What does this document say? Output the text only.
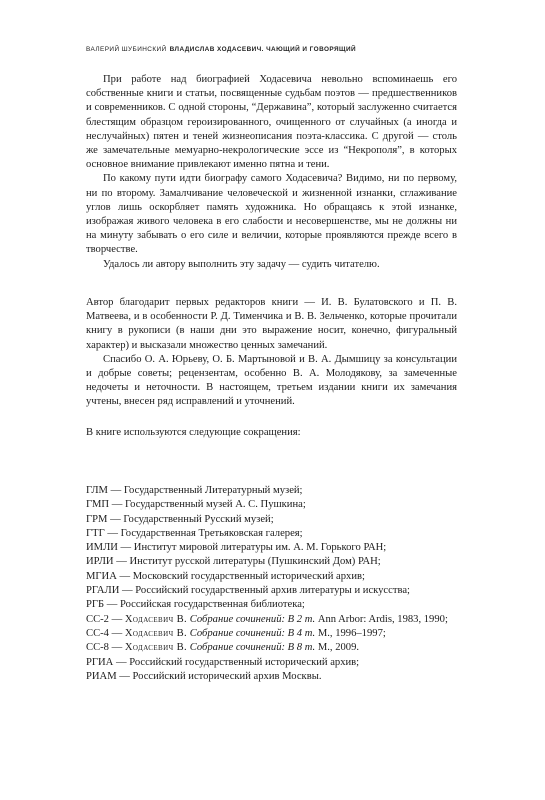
ВАЛЕРИЙ ШУБИНСКИЙ ВЛАДИСЛАВ ХОДАСЕВИЧ. ЧАЮЩИЙ И ГОВОРЯЩИЙ

При работе над биографией Ходасевича невольно вспоминаешь его собственные книги и статьи, посвященные судьбам поэтов — предшественников и современников. С одной стороны, “Державина”, который заслуженно считается блестящим образцом героизированного, очищенного от случайных (а иногда и неслучайных) пятен и теней жизнеописания поэта-классика. С другой — столь же замечательные мемуарно-некрологические эссе из “Некрополя”, в которых основное внимание привлекают именно пятна и тени.

По какому пути идти биографу самого Ходасевича? Видимо, ни по первому, ни по второму. Замалчивание человеческой и жизненной изнанки, сглаживание углов лишь оскорбляет память художника. Но обращаясь к этой изнанке, изображая живого человека в его слабости и несовершенстве, мы не должны ни на минуту забывать о его силе и величии, которые проявляются прежде всего в творчестве.

Удалось ли автору выполнить эту задачу — судить читателю.

Автор благодарит первых редакторов книги — И. В. Булатовского и П. В. Матвеева, и в особенности Р. Д. Тименчика и В. В. Зельченко, которые прочитали книгу в рукописи (в наши дни это выражение носит, конечно, фигуральный характер) и высказали множество ценных замечаний.

Спасибо О. А. Юрьеву, О. Б. Мартыновой и В. А. Дымшицу за консультации и добрые советы; рецензентам, особенно В. А. Молодякову, за замеченные недочеты и неточности. В настоящем, третьем издании книги их замечания учтены, внесен ряд исправлений и уточнений.

В книге используются следующие сокращения:

ГЛМ — Государственный Литературный музей;
ГМП — Государственный музей А. С. Пушкина;
ГРМ — Государственный Русский музей;
ГТГ — Государственная Третьяковская галерея;
ИМЛИ — Институт мировой литературы им. А. М. Горького РАН;
ИРЛИ — Институт русской литературы (Пушкинский Дом) РАН;
МГИА — Московский государственный исторический архив;
РГАЛИ — Российский государственный архив литературы и искусства;
РГБ — Российская государственная библиотека;
СС-2 — Ходасевич В. Собрание сочинений: В 2 т. Ann Arbor: Ardis, 1983, 1990;
СС-4 — Ходасевич В. Собрание сочинений: В 4 т. М., 1996–1997;
СС-8 — Ходасевич В. Собрание сочинений: В 8 т. М., 2009.
РГИА — Российский государственный исторический архив;
РИАМ — Российский исторический архив Москвы.
